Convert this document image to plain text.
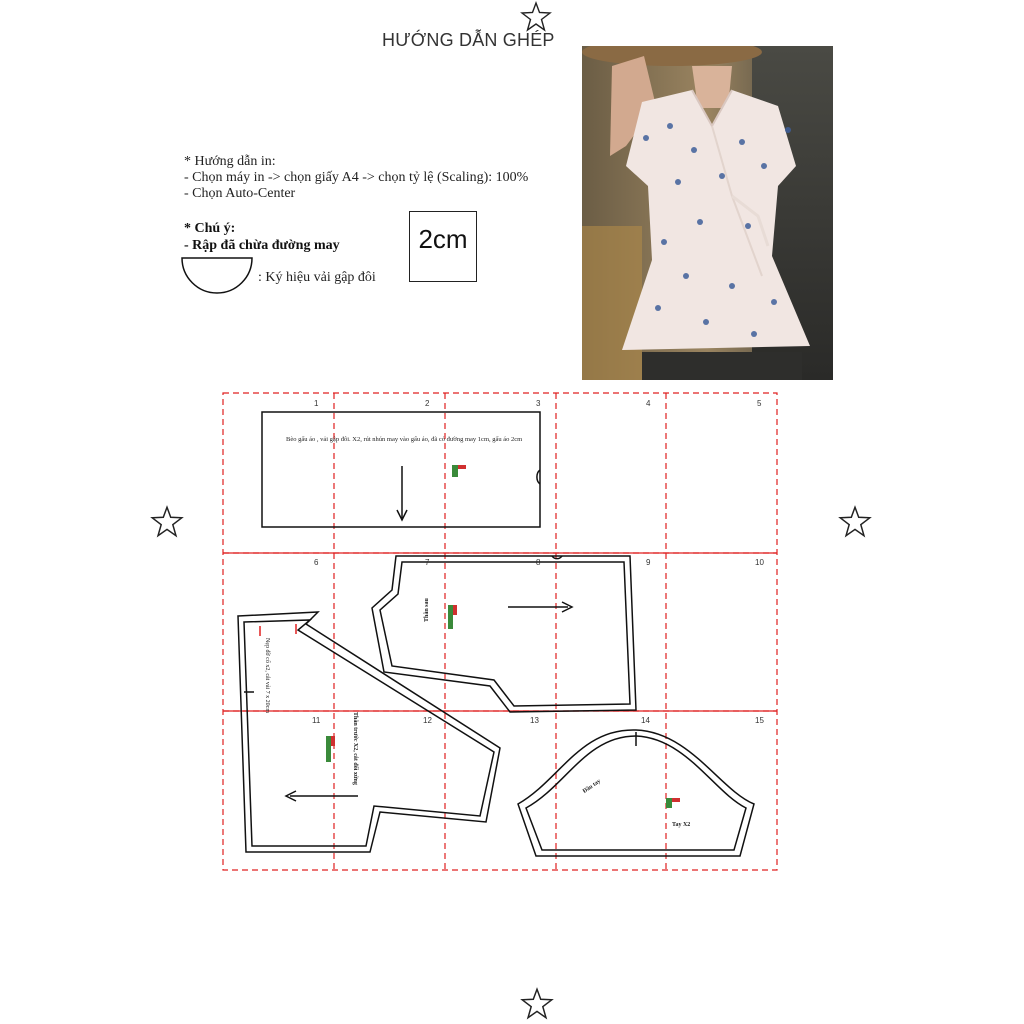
HƯỚNG DẪN GHÉP
* Hướng dẫn in:
- Chọn máy in -> chọn giấy A4 -> chọn tỷ lệ (Scaling): 100%
- Chọn Auto-Center
* Chú ý:
- Rập đã chừa đường may
: Ký hiệu vải gập đôi
2cm
1	2	3	4	5
6	7	8	9	10
11	12	13	14	15
Bèo gấu áo , vải gập đôi. X2, rút nhún may vào gấu áo, đã có đường may 1cm, gấu áo 2cm
Thân sau
Thân trước X2, cắt đối xứng
Nẹp đỡ cổ x2, cắt vải 7 x 20cm
Đầu tay
Tay X2
